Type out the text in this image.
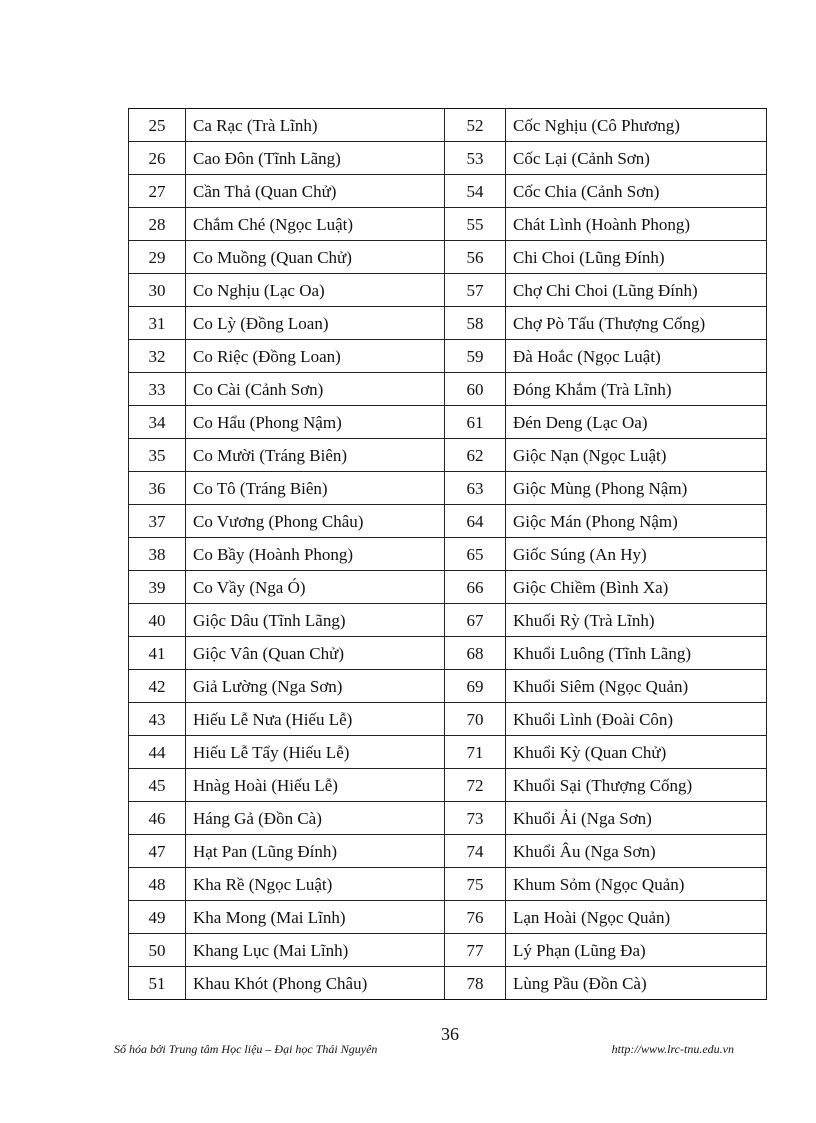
25	Ca Rạc (Trà Lĩnh)	52	Cốc Nghịu (Cô Phương)
26	Cao Đôn (Tĩnh Lãng)	53	Cốc Lại (Cảnh Sơn)
27	Cần Thả (Quan Chử)	54	Cốc Chia (Cảnh Sơn)
28	Chắm Ché (Ngọc Luật)	55	Chát Lình (Hoành Phong)
29	Co Muồng (Quan Chử)	56	Chi Choi (Lũng Đính)
30	Co Nghịu (Lạc Oa)	57	Chợ Chi Choi (Lũng Đính)
31	Co Lỳ (Đồng Loan)	58	Chợ Pò Tấu (Thượng Cống)
32	Co Riệc (Đồng Loan)	59	Đà Hoắc (Ngọc Luật)
33	Co Cài (Cảnh Sơn)	60	Đóng Khắm (Trà Lĩnh)
34	Co Hẩu (Phong Nậm)	61	Đén Deng (Lạc Oa)
35	Co Mười (Tráng Biên)	62	Giộc Nạn (Ngọc Luật)
36	Co Tô (Tráng Biên)	63	Giộc Mùng (Phong Nậm)
37	Co Vương (Phong Châu)	64	Giộc Mán (Phong Nậm)
38	Co Bầy (Hoành Phong)	65	Giốc Súng (An Hy)
39	Co Vầy (Nga Ó)	66	Giộc Chiềm (Bình Xa)
40	Giộc Dâu (Tĩnh Lãng)	67	Khuối Rỳ (Trà Lĩnh)
41	Giộc Vân (Quan Chử)	68	Khuổi Luông (Tĩnh Lãng)
42	Giả Lường (Nga Sơn)	69	Khuổi Siêm (Ngọc Quản)
43	Hiếu Lễ Nưa (Hiếu Lễ)	70	Khuổi Lình (Đoài Côn)
44	Hiếu Lễ Tẩy (Hiếu Lễ)	71	Khuổi Kỳ (Quan Chử)
45	Hnàg Hoài (Hiếu Lễ)	72	Khuổi Sại (Thượng Cống)
46	Háng Gả (Đồn Cà)	73	Khuổi Ải (Nga Sơn)
47	Hạt Pan (Lũng Đính)	74	Khuổi Âu (Nga Sơn)
48	Kha Rề (Ngọc Luật)	75	Khum Sỏm (Ngọc Quản)
49	Kha Mong (Mai Lĩnh)	76	Lạn Hoài (Ngọc Quản)
50	Khang Lục (Mai Lĩnh)	77	Lý Phạn (Lũng Đa)
51	Khau Khót (Phong Châu)	78	Lùng Pầu (Đồn Cà)
36
Số hóa bởi Trung tâm Học liệu – Đại học Thái Nguyên	http://www.lrc-tnu.edu.vn
